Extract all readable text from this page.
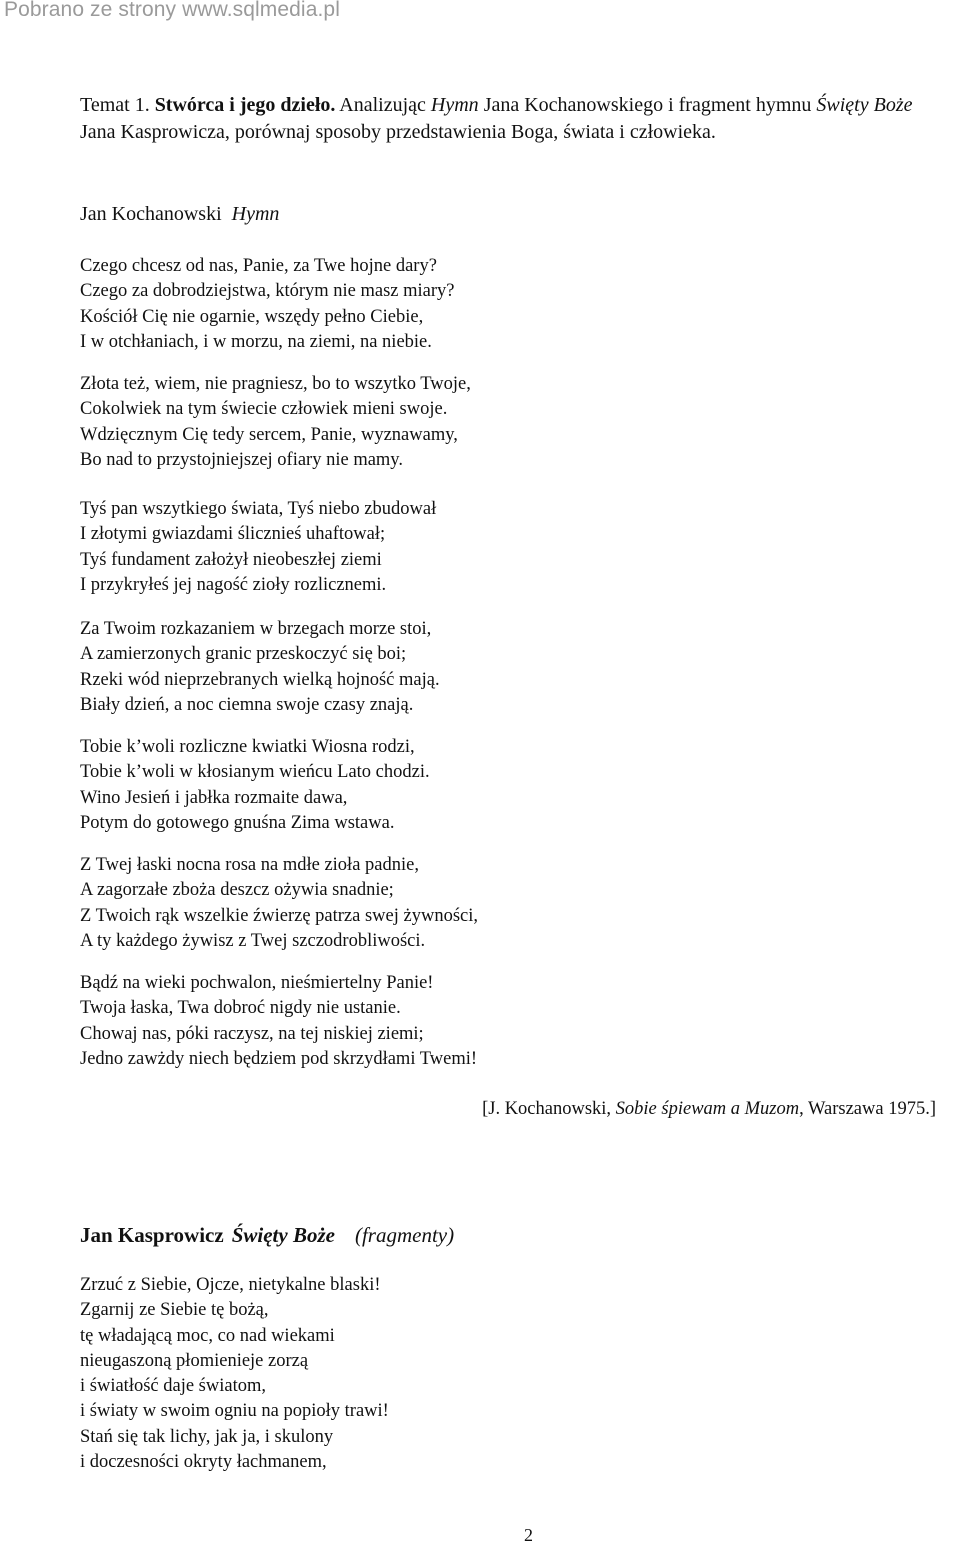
Pobrano ze strony www.sqlmedia.pl
Temat 1. Stwórca i jego dzieło. Analizując Hymn Jana Kochanowskiego i fragment hymnu Święty Boże Jana Kasprowicza, porównaj sposoby przedstawienia Boga, świata i człowieka.
Jan Kochanowski Hymn
Czego chcesz od nas, Panie, za Twe hojne dary?
Czego za dobrodziejstwa, którym nie masz miary?
Kościół Cię nie ogarnie, wszędy pełno Ciebie,
I w otchłaniach, i w morzu, na ziemi, na niebie.
Złota też, wiem, nie pragniesz, bo to wszytko Twoje,
Cokolwiek na tym świecie człowiek mieni swoje.
Wdzięcznym Cię tedy sercem, Panie, wyznawamy,
Bo nad to przystojniejszej ofiary nie mamy.
Tyś pan wszytkiego świata, Tyś niebo zbudował
I złotymi gwiazdami ślicznieś uhaftował;
Tyś fundament założył nieobeszłej ziemi
I przykryłeś jej nagość zioły rozlicznemi.
Za Twoim rozkazaniem w brzegach morze stoi,
A zamierzonych granic przeskoczyć się boi;
Rzeki wód nieprzebranych wielką hojność mają.
Biały dzień, a noc ciemna swoje czasy znają.
Tobie k’woli rozliczne kwiatki Wiosna rodzi,
Tobie k’woli w kłosianym wieńcu Lato chodzi.
Wino Jesień i jabłka rozmaite dawa,
Potym do gotowego gnuśna Zima wstawa.
Z Twej łaski nocna rosa na mdłe zioła padnie,
A zagorzałe zboża deszcz ożywia snadnie;
Z Twoich rąk wszelkie źwierzę patrza swej żywności,
A ty każdego żywisz z Twej szczodrobliwości.
Bądź na wieki pochwalon, nieśmiertelny Panie!
Twoja łaska, Twa dobroć nigdy nie ustanie.
Chowaj nas, póki raczysz, na tej niskiej ziemi;
Jedno zawżdy niech będziem pod skrzydłami Twemi!
[J. Kochanowski, Sobie śpiewam a Muzom, Warszawa 1975.]
Jan Kasprowicz Święty Boże (fragmenty)
Zrzuć z Siebie, Ojcze, nietykalne blaski!
Zgarnij ze Siebie tę bożą,
tę władającą moc, co nad wiekami
nieugaszoną płomienieje zorzą
i światłość daje światom,
i światy w swoim ogniu na popioły trawi!
Stań się tak lichy, jak ja, i skulony
i doczesności okryty łachmanem,
2
